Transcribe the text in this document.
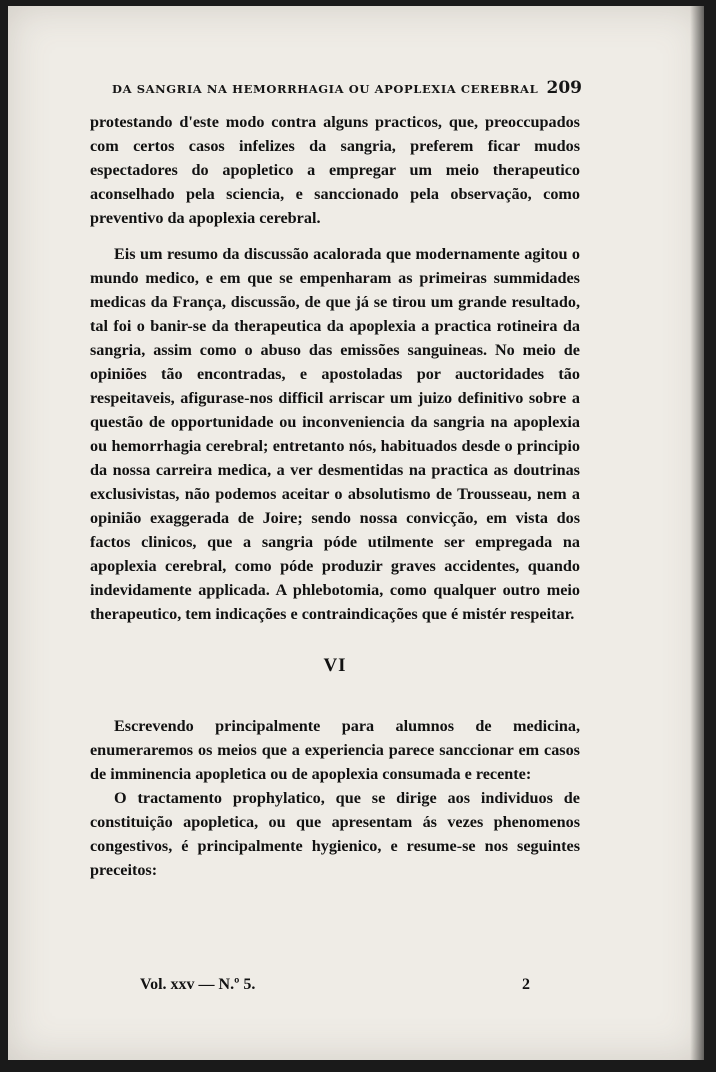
DA SANGRIA NA HEMORRHAGIA OU APOPLEXIA CEREBRAL 209

protestando d'este modo contra alguns practicos, que, preoccupados com certos casos infelizes da sangria, preferem ficar mudos espectadores do apopletico a empregar um meio therapeutico aconselhado pela sciencia, e sanccionado pela observação, como preventivo da apoplexia cerebral.

Eis um resumo da discussão acalorada que modernamente agitou o mundo medico, e em que se empenharam as primeiras summidades medicas da França, discussão, de que já se tirou um grande resultado, tal foi o banir-se da therapeutica da apoplexia a practica rotineira da sangria, assim como o abuso das emissões sanguineas. No meio de opiniões tão encontradas, e apostoladas por auctoridades tão respeitaveis, afigurase-nos difficil arriscar um juizo definitivo sobre a questão de opportunidade ou inconveniencia da sangria na apoplexia ou hemorrhagia cerebral; entretanto nós, habituados desde o principio da nossa carreira medica, a ver desmentidas na practica as doutrinas exclusivistas, não podemos aceitar o absolutismo de Trousseau, nem a opinião exaggerada de Joire; sendo nossa convicção, em vista dos factos clinicos, que a sangria póde utilmente ser empregada na apoplexia cerebral, como póde produzir graves accidentes, quando indevidamente applicada. A phlebotomia, como qualquer outro meio therapeutico, tem indicações e contraindicações que é mistér respeitar.

VI

Escrevendo principalmente para alumnos de medicina, enumeraremos os meios que a experiencia parece sanccionar em casos de imminencia apopletica ou de apoplexia consumada e recente:

O tractamento prophylatico, que se dirige aos individuos de constituição apopletica, ou que apresentam ás vezes phenomenos congestivos, é principalmente hygienico, e resume-se nos seguintes preceitos:

Vol. xxv — N.º 5.	2
